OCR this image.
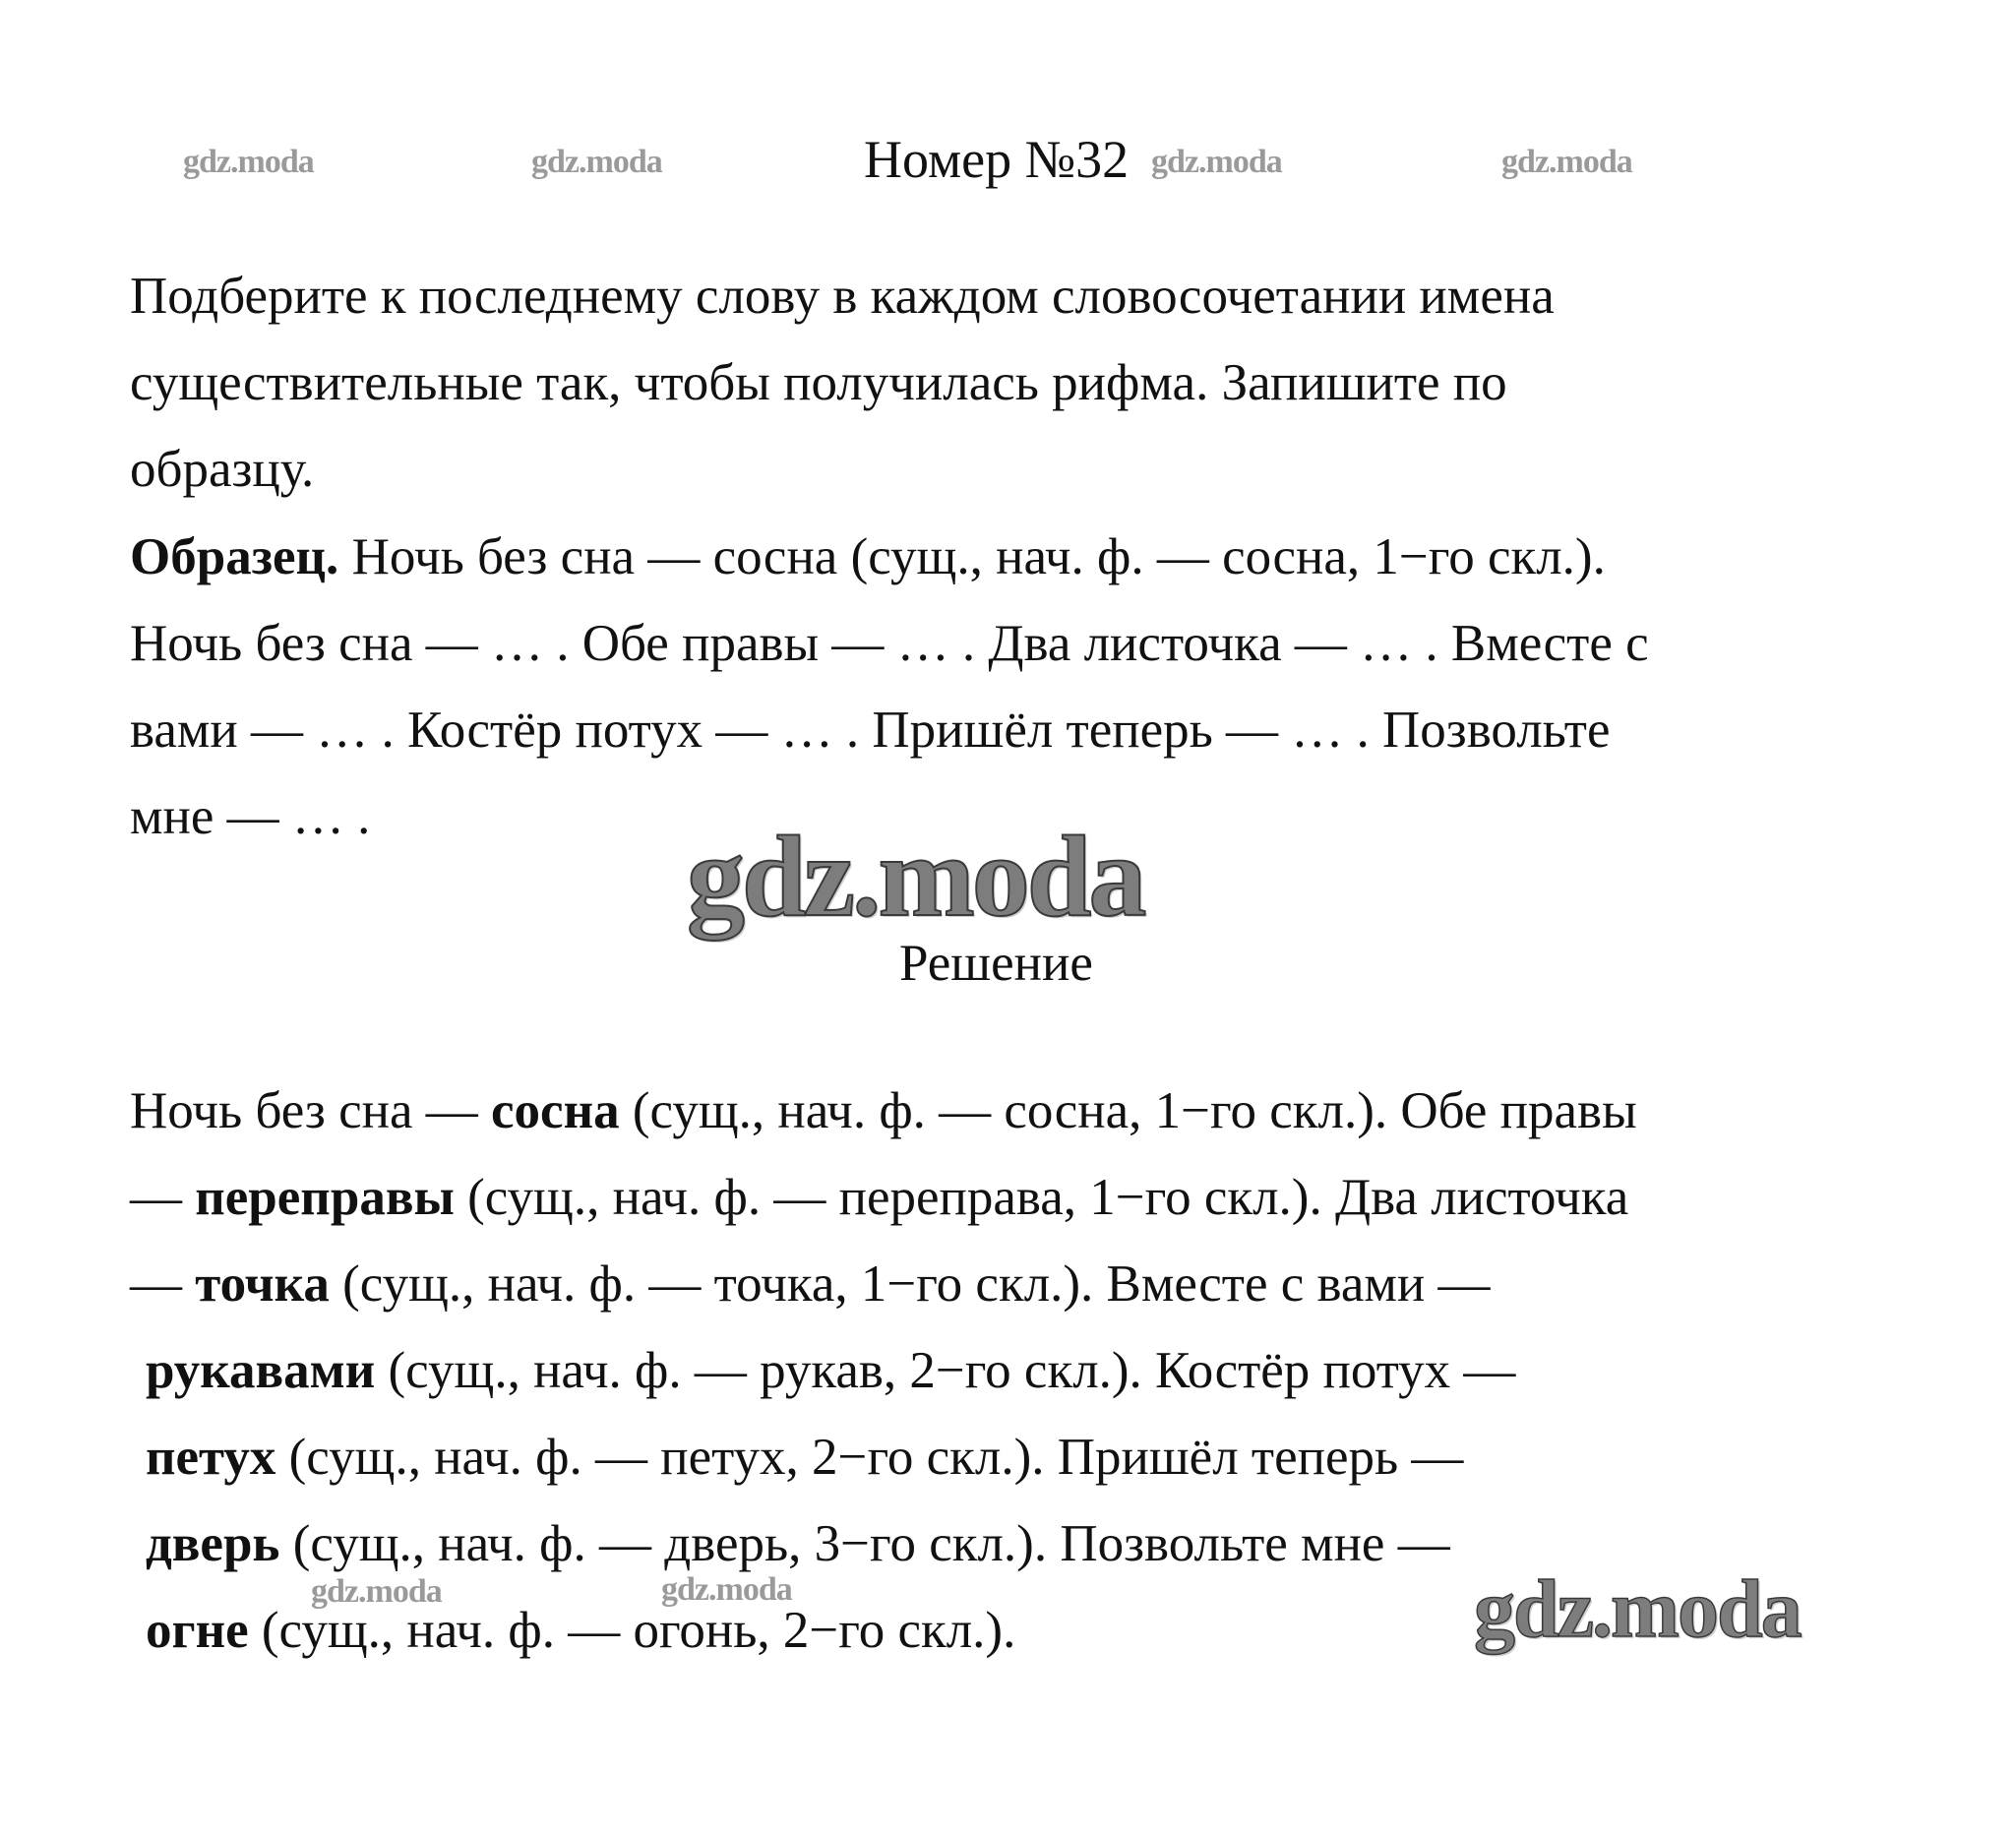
gdz.moda	gdz.moda	Номер №32 gdz.moda	gdz.moda
Подберите к последнему слову в каждом словосочетании имена
существительные так, чтобы получилась рифма. Запишите по
образцу.
Образец. Ночь без сна — сосна (сущ., нач. ф. — сосна, 1−го скл.).
Ночь без сна — … . Обе правы — … . Два листочка — … . Вместе с
вами — … . Костёр потух — … . Пришёл теперь — … . Позвольте
мне — … .	gdz.moda
Решение
Ночь без сна — сосна (сущ., нач. ф. — сосна, 1−го скл.). Обе правы
— переправы (сущ., нач. ф. — переправа, 1−го скл.). Два листочка
— точка (сущ., нач. ф. — точка, 1−го скл.). Вместе с вами —
рукавами (сущ., нач. ф. — рукав, 2−го скл.). Костёр потух —
петух (сущ., нач. ф. — петух, 2−го скл.). Пришёл теперь —
дверь (сущ., нач. ф. — дверь, 3−го скл.). Позвольте мне —
gdz.moda	gdz.moda
огне (сущ., нач. ф. — огонь, 2−го скл.).	gdz.moda
